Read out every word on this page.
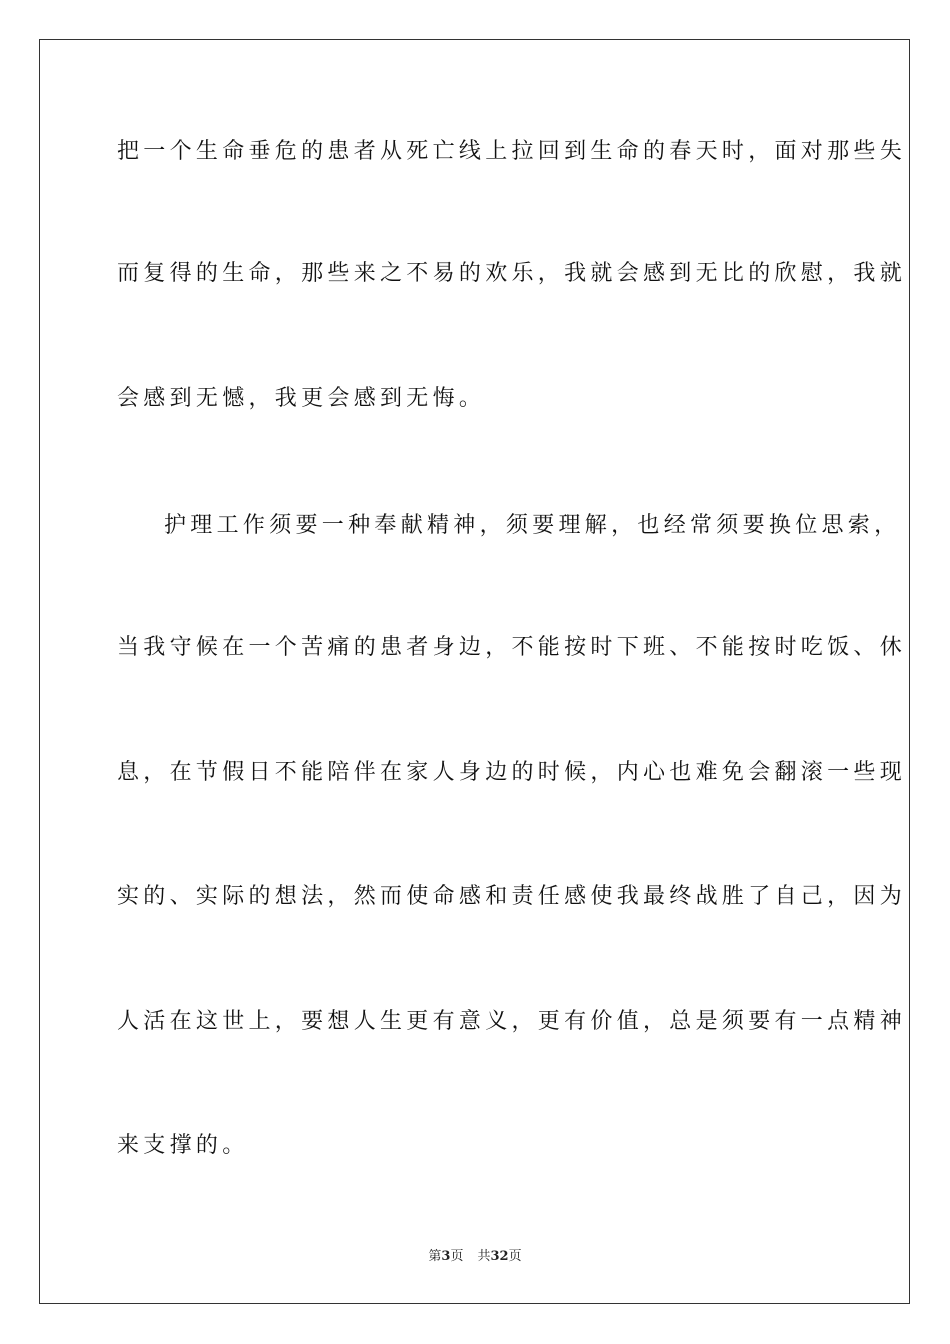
把一个生命垂危的患者从死亡线上拉回到生命的春天时，面对那些失
而复得的生命，那些来之不易的欢乐，我就会感到无比的欣慰，我就
会感到无憾，我更会感到无悔。
护理工作须要一种奉献精神，须要理解，也经常须要换位思索，
当我守候在一个苦痛的患者身边，不能按时下班、不能按时吃饭、休
息，在节假日不能陪伴在家人身边的时候，内心也难免会翻滚一些现
实的、实际的想法，然而使命感和责任感使我最终战胜了自己，因为
人活在这世上，要想人生更有意义，更有价值，总是须要有一点精神
来支撑的。
第3页 共32页
